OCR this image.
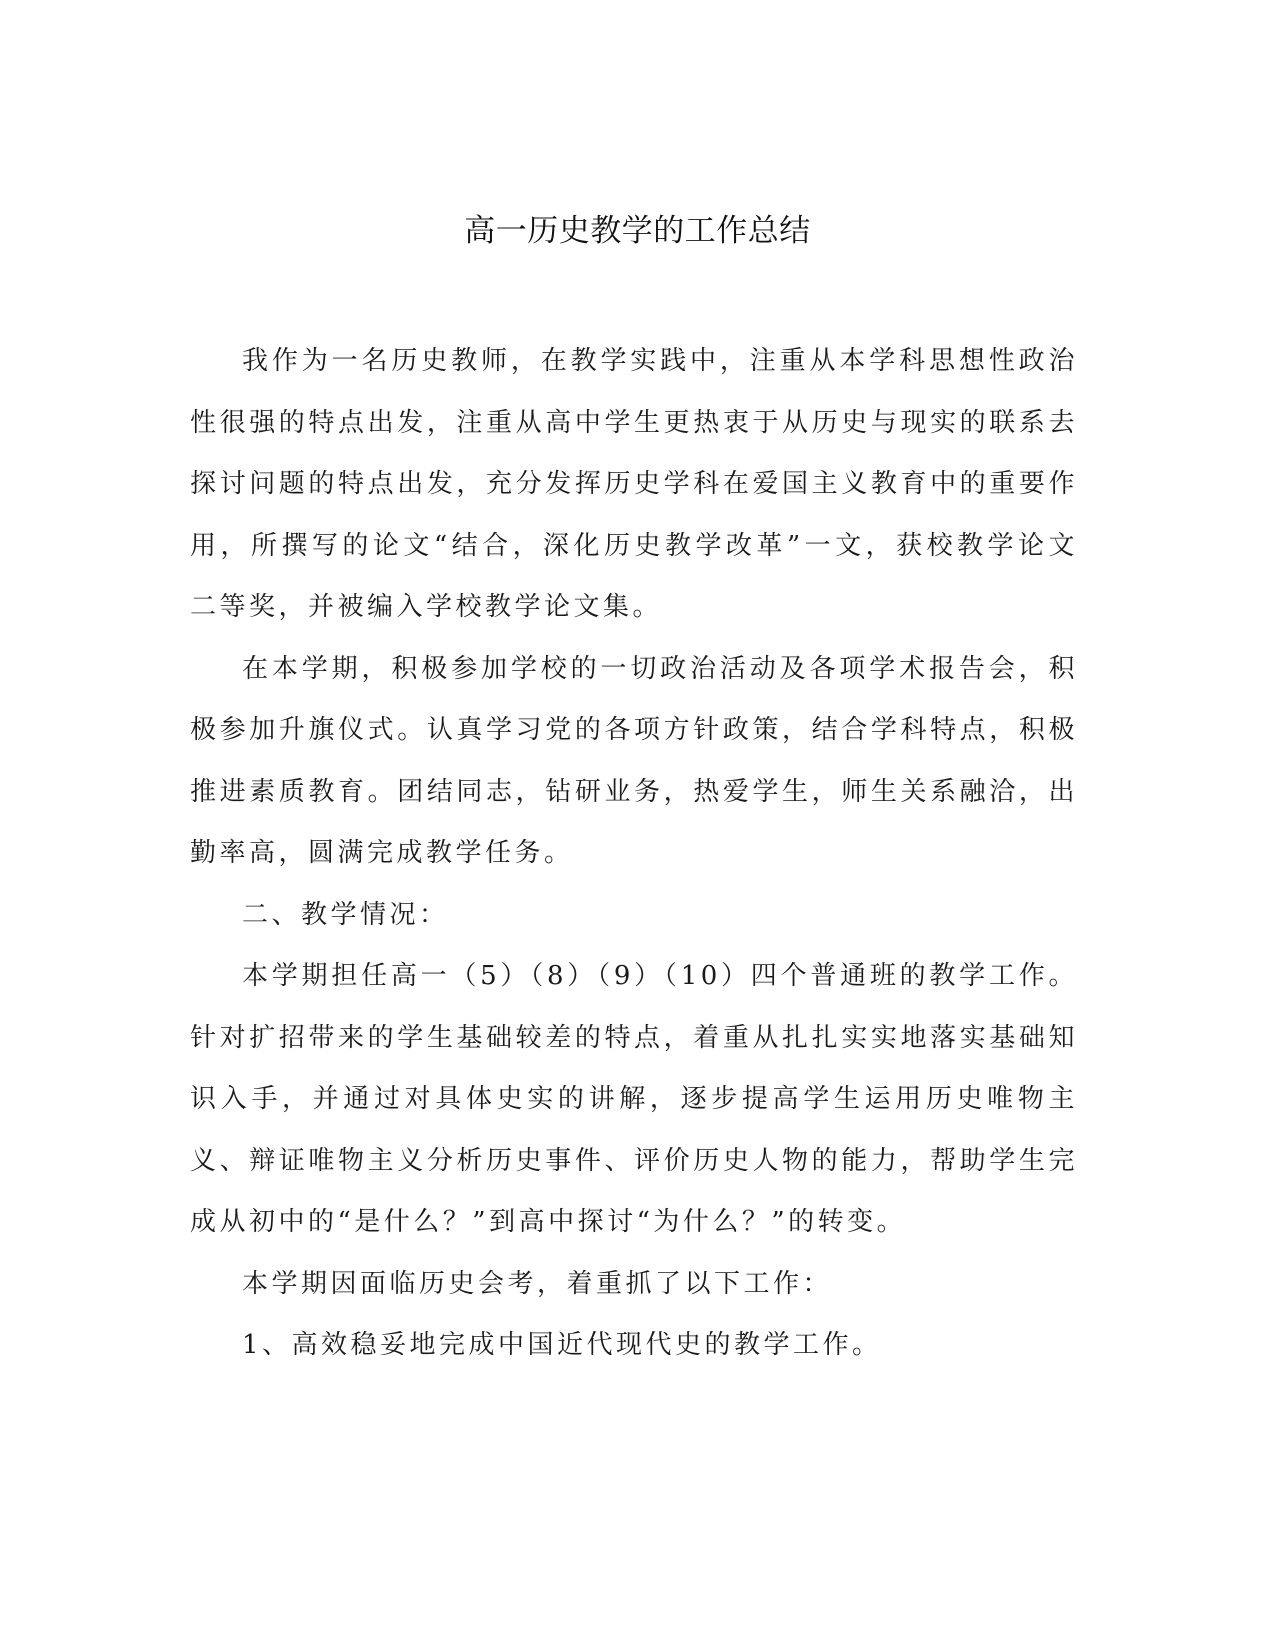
高一历史教学的工作总结

我作为一名历史教师，在教学实践中，注重从本学科思想性政治性很强的特点出发，注重从高中学生更热衷于从历史与现实的联系去探讨问题的特点出发，充分发挥历史学科在爱国主义教育中的重要作用，所撰写的论文“结合，深化历史教学改革”一文，获校教学论文二等奖，并被编入学校教学论文集。

在本学期，积极参加学校的一切政治活动及各项学术报告会，积极参加升旗仪式。认真学习党的各项方针政策，结合学科特点，积极推进素质教育。团结同志，钻研业务，热爱学生，师生关系融洽，出勤率高，圆满完成教学任务。

二、教学情况：

本学期担任高一（5）（8）（9）（10）四个普通班的教学工作。针对扩招带来的学生基础较差的特点，着重从扎扎实实地落实基础知识入手，并通过对具体史实的讲解，逐步提高学生运用历史唯物主义、辩证唯物主义分析历史事件、评价历史人物的能力，帮助学生完成从初中的“是什么？”到高中探讨“为什么？”的转变。

本学期因面临历史会考，着重抓了以下工作：

1、高效稳妥地完成中国近代现代史的教学工作。
